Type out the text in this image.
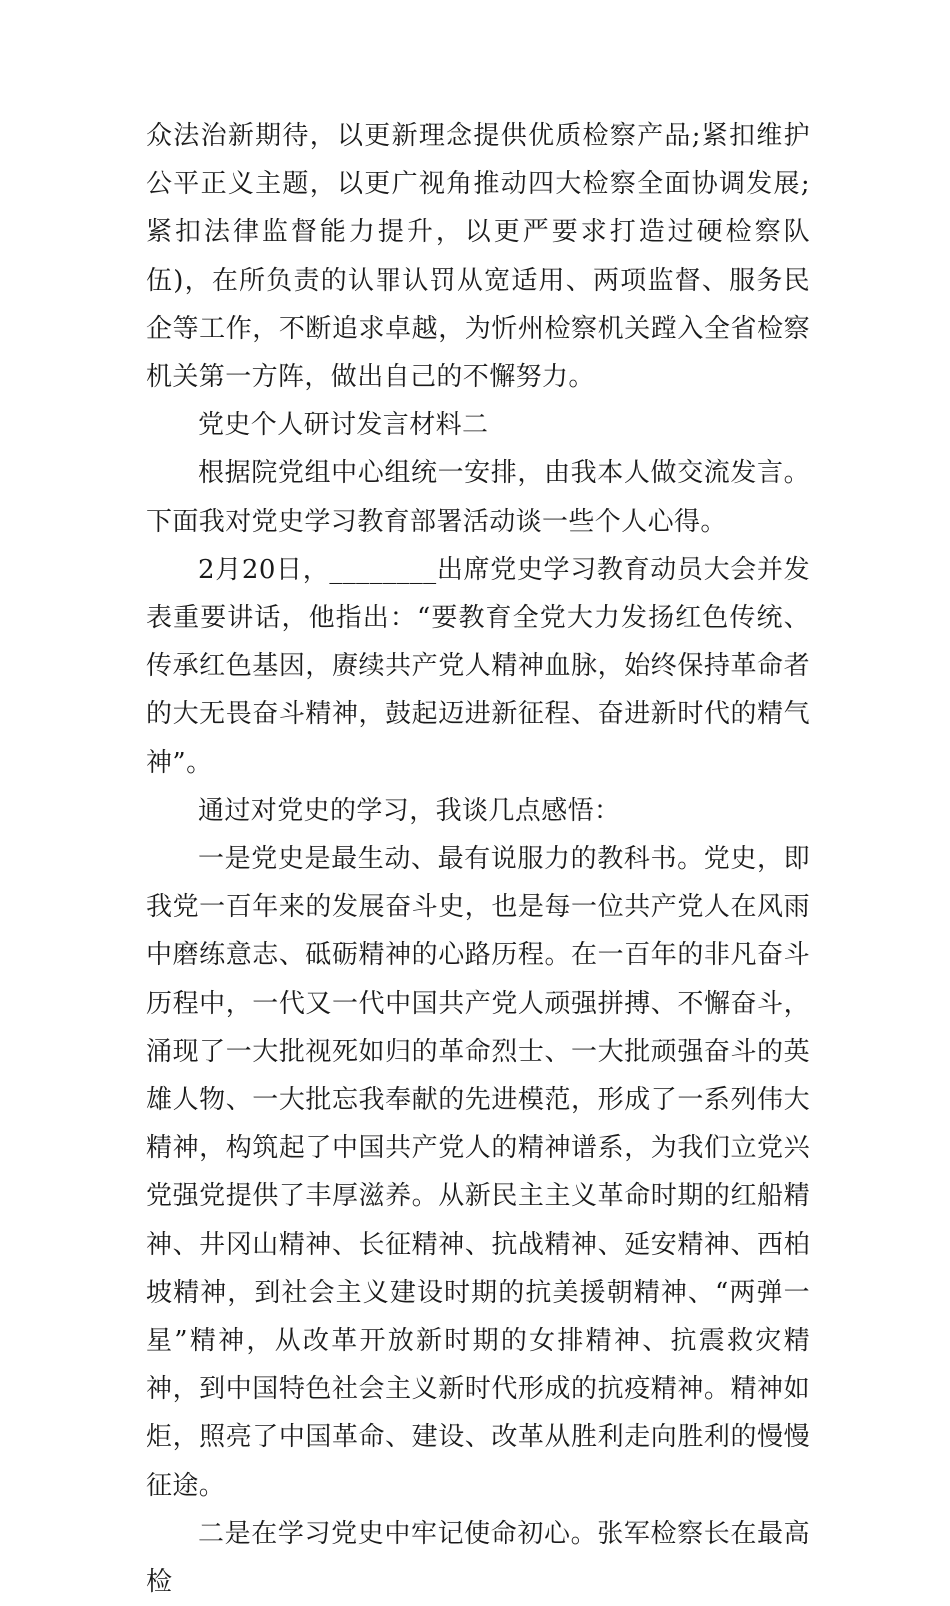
众法治新期待，以更新理念提供优质检察产品;紧扣维护公平正义主题，以更广视角推动四大检察全面协调发展;紧扣法律监督能力提升，以更严要求打造过硬检察队伍)，在所负责的认罪认罚从宽适用、两项监督、服务民企等工作，不断追求卓越，为忻州检察机关蹚入全省检察机关第一方阵，做出自己的不懈努力。

党史个人研讨发言材料二

根据院党组中心组统一安排，由我本人做交流发言。下面我对党史学习教育部署活动谈一些个人心得。

2月20日，________出席党史学习教育动员大会并发表重要讲话，他指出：“要教育全党大力发扬红色传统、传承红色基因，赓续共产党人精神血脉，始终保持革命者的大无畏奋斗精神，鼓起迈进新征程、奋进新时代的精气神”。

通过对党史的学习，我谈几点感悟：

一是党史是最生动、最有说服力的教科书。党史，即我党一百年来的发展奋斗史，也是每一位共产党人在风雨中磨练意志、砥砺精神的心路历程。在一百年的非凡奋斗历程中，一代又一代中国共产党人顽强拼搏、不懈奋斗，涌现了一大批视死如归的革命烈士、一大批顽强奋斗的英雄人物、一大批忘我奉献的先进模范，形成了一系列伟大精神，构筑起了中国共产党人的精神谱系，为我们立党兴党强党提供了丰厚滋养。从新民主主义革命时期的红船精神、井冈山精神、长征精神、抗战精神、延安精神、西柏坡精神，到社会主义建设时期的抗美援朝精神、“两弹一星”精神，从改革开放新时期的女排精神、抗震救灾精神，到中国特色社会主义新时代形成的抗疫精神。精神如炬，照亮了中国革命、建设、改革从胜利走向胜利的慢慢征途。

二是在学习党史中牢记使命初心。张军检察长在最高检
